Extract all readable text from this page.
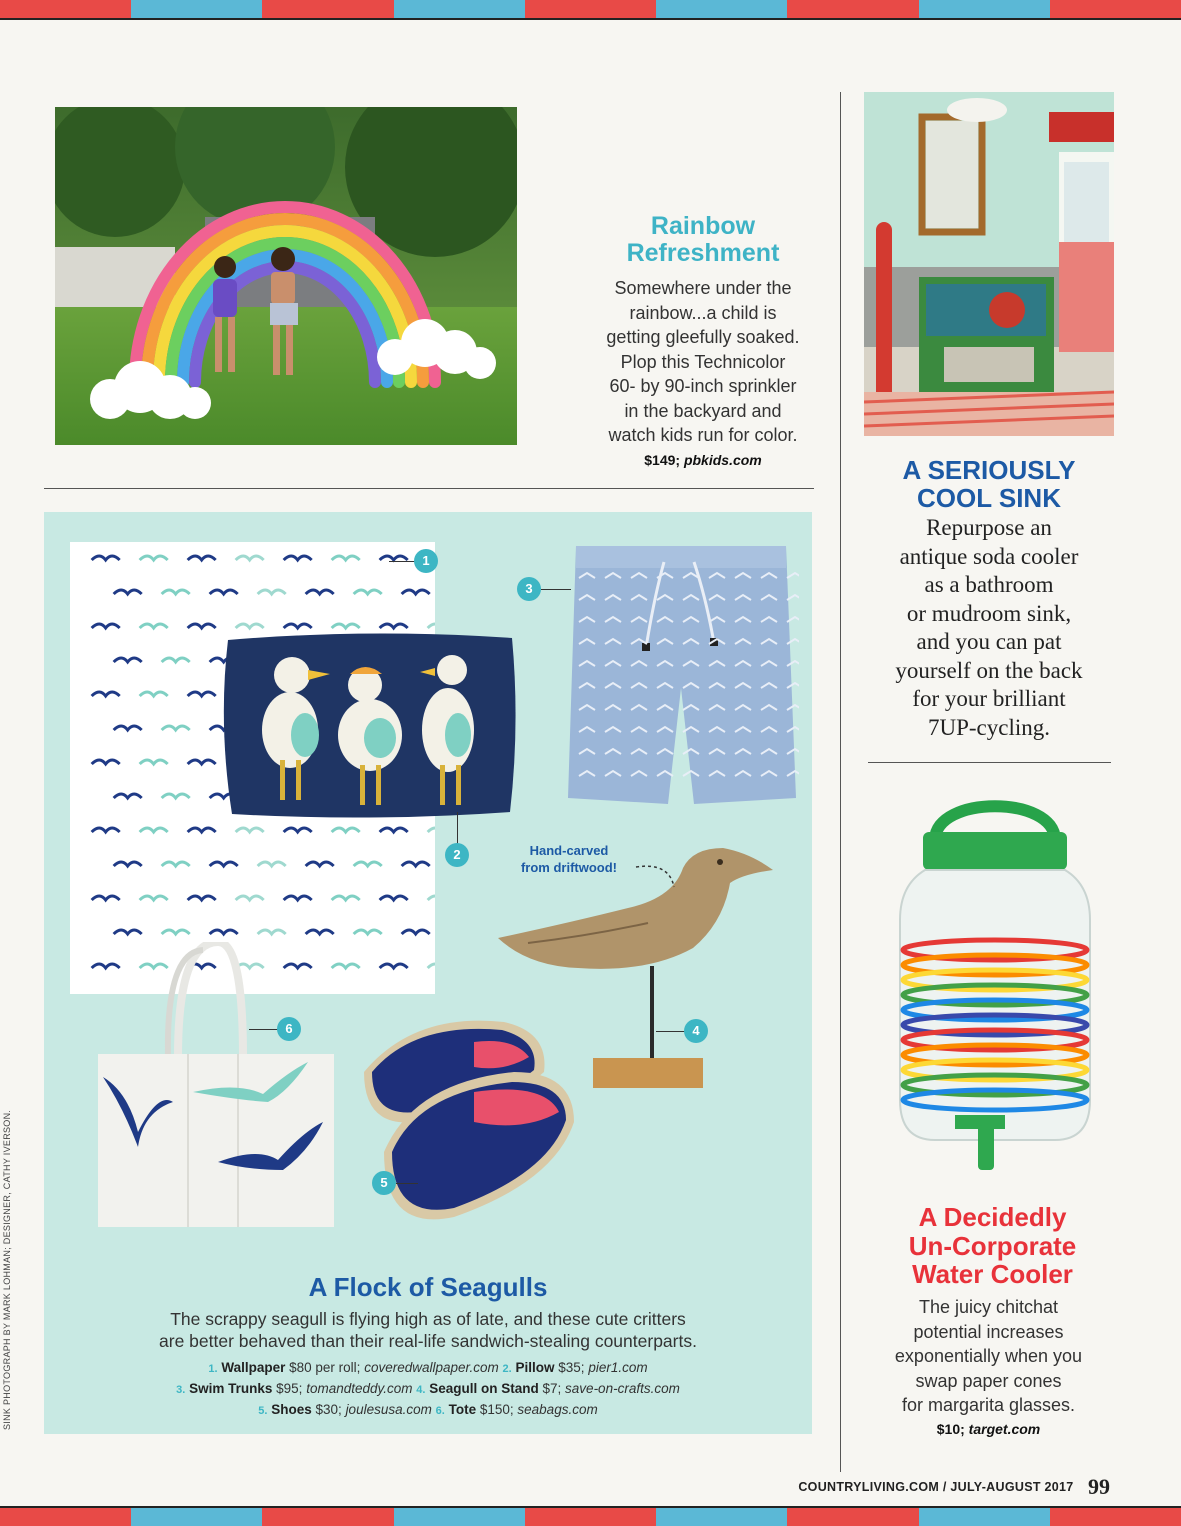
Rainbow
Refreshment
Somewhere under the
rainbow...a child is
getting gleefully soaked.
Plop this Technicolor
60- by 90-inch sprinkler
in the backyard and
watch kids run for color.
$149; pbkids.com	A SERIOUSLY
COOL SINK
Repurpose an
antique soda cooler
as a bathroom
or mudroom sink,
and you can pat
yourself on the back
for your brilliant
7UP-cycling.
A Decidedly
Un-Corporate
Water Cooler
The juicy chitchat
potential increases
exponentially when you
swap paper cones
for margarita glasses.
$10; target.com
Hand-carved
from driftwood!
1
2
3
4
5
6
A Flock of Seagulls
The scrappy seagull is flying high as of late, and these cute critters
are better behaved than their real-life sandwich-stealing counterparts.
1. Wallpaper $80 per roll; coveredwallpaper.com 2. Pillow $35; pier1.com
3. Swim Trunks $95; tomandteddy.com 4. Seagull on Stand $7; save-on-crafts.com
5. Shoes $30; joulesusa.com 6. Tote $150; seabags.com
SINK PHOTOGRAPH BY MARK LOHMAN; DESIGNER, CATHY IVERSON.
COUNTRYLIVING.COM / JULY-AUGUST 2017 99
